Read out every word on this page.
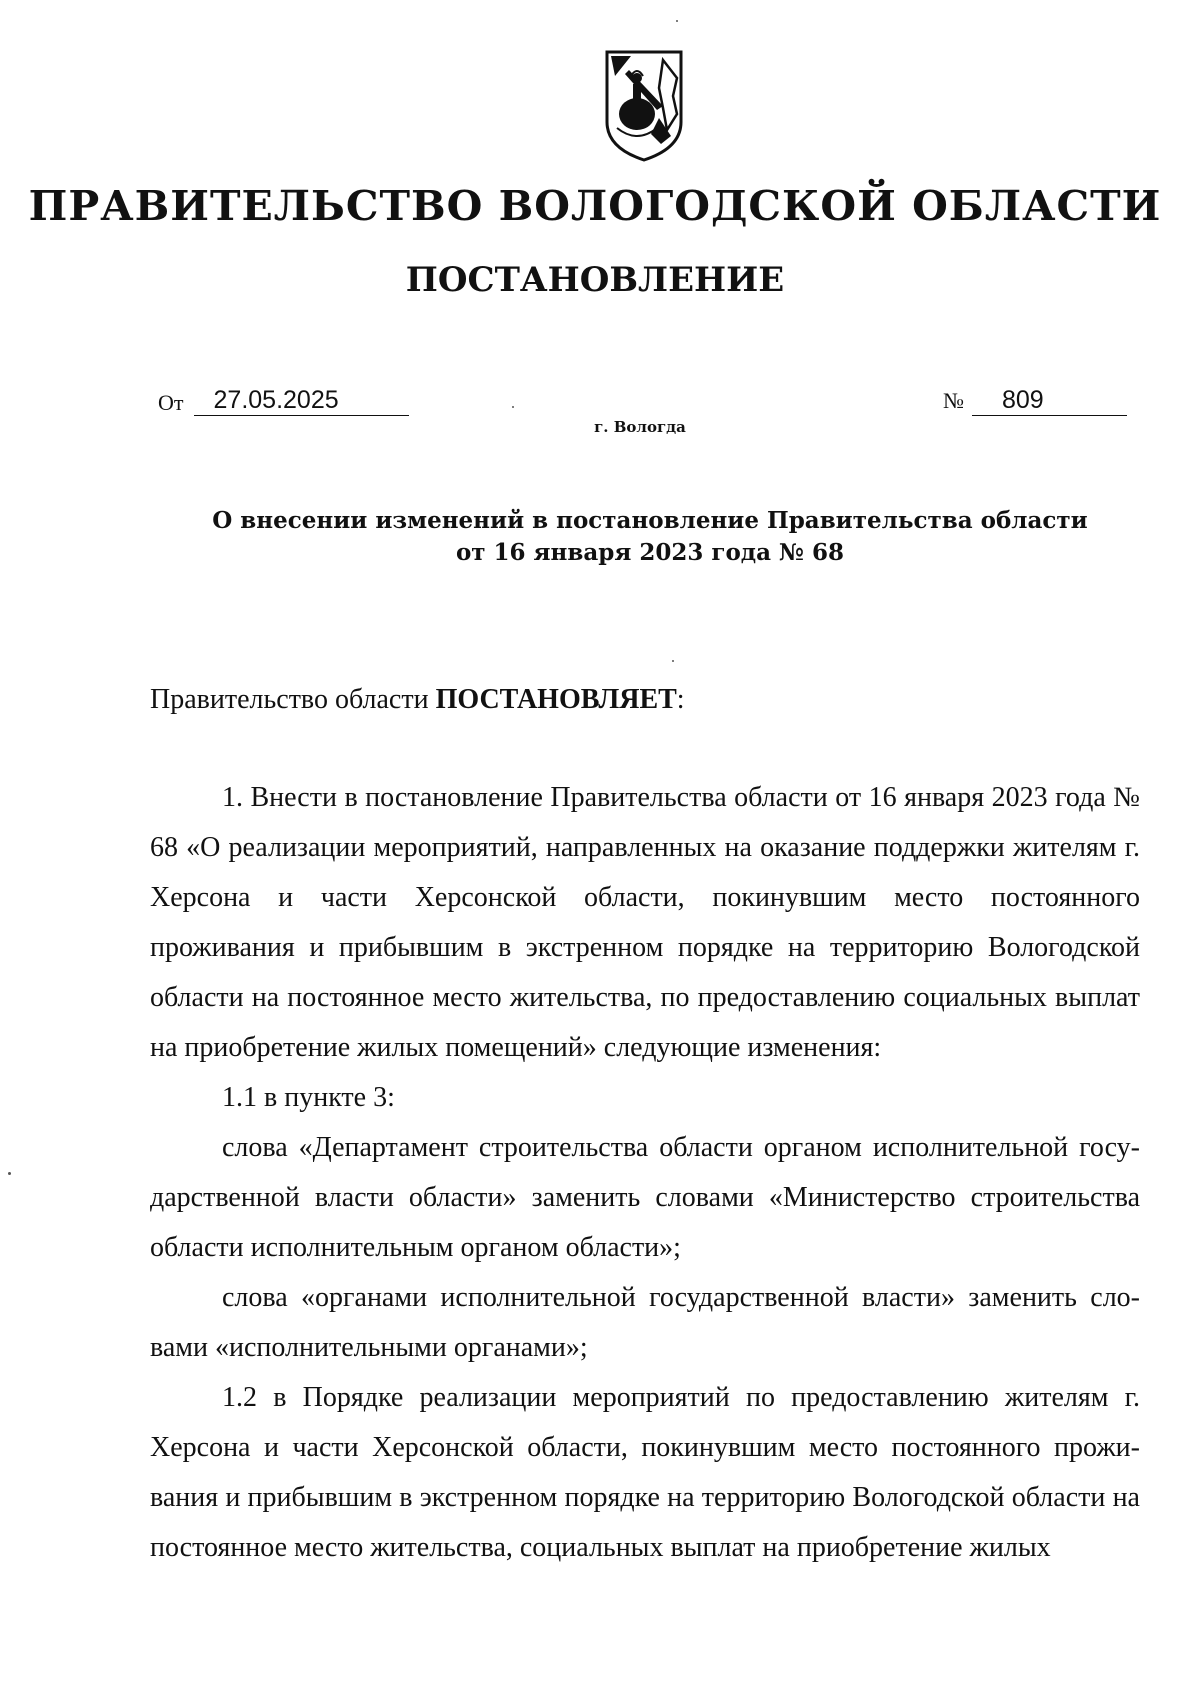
ПРАВИТЕЛЬСТВО ВОЛОГОДСКОЙ ОБЛАСТИ
ПОСТАНОВЛЕНИЕ
От 27.05.2025	№ 809
г. Вологда
О внесении изменений в постановление Правительства области
от 16 января 2023 года № 68

Правительство области ПОСТАНОВЛЯЕТ:

1. Внести в постановление Правительства области от 16 января 2023 года № 68 «О реализации мероприятий, направленных на оказание поддержки жителям г. Херсона и части Херсонской области, покинувшим место постоянного проживания и прибывшим в экстренном порядке на территорию Вологодской области на постоянное место жительства, по предоставлению социальных выплат на приобретение жилых помещений» следующие изменения:

1.1 в пункте 3:

слова «Департамент строительства области органом исполнительной государственной власти области» заменить словами «Министерство строительства области исполнительным органом области»;

слова «органами исполнительной государственной власти» заменить словами «исполнительными органами»;

1.2 в Порядке реализации мероприятий по предоставлению жителям г. Херсона и части Херсонской области, покинувшим место постоянного проживания и прибывшим в экстренном порядке на территорию Вологодской области на постоянное место жительства, социальных выплат на приобретение жилых
